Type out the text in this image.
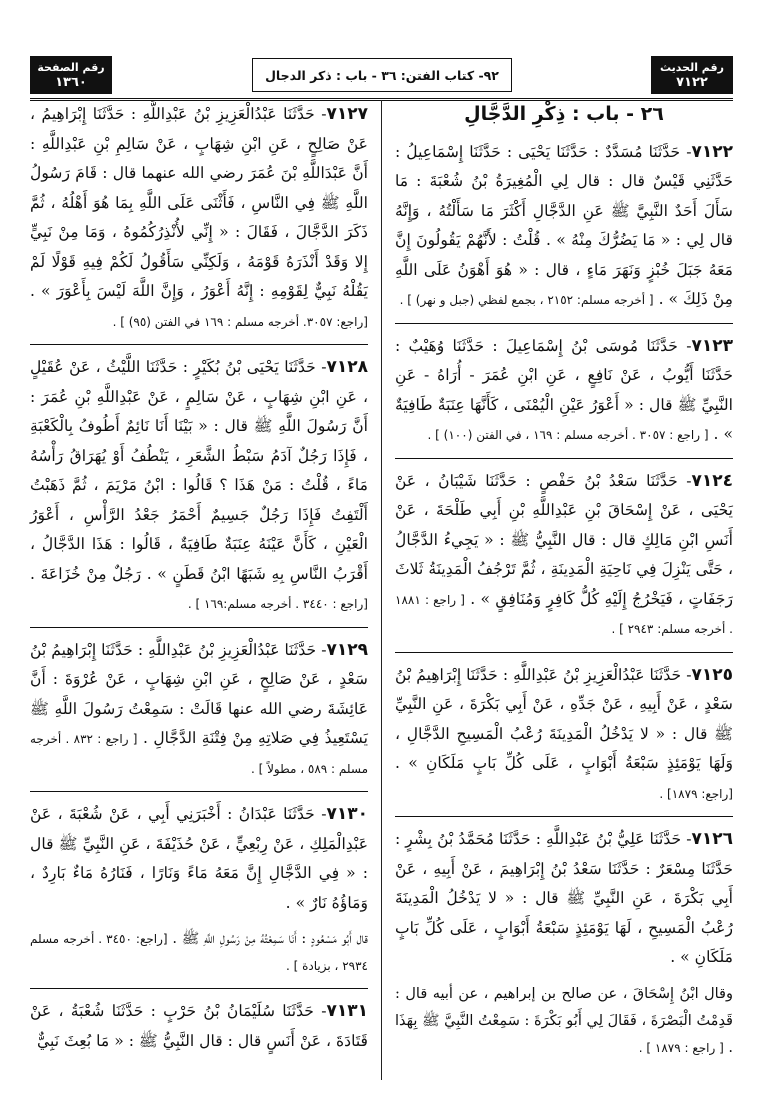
رقم الحديث
٧١٢٢
٩٢- كتاب الفتن: ٣٦ - باب : ذكر الدجال
رقم الصفحة
١٣٦٠
٢٦ - باب : ذِكْرِ الدَّجَّالِ
٧١٢٢- حَدَّثَنَا مُسَدَّدٌ : حَدَّثَنَا يَحْيَى : حَدَّثَنَا إِسْمَاعِيلُ : حَدَّثَنِي قَيْسٌ قال : قال لِي الْمُغِيرَةُ بْنُ شُعْبَةَ : مَا سَأَلَ أَحَدٌ النَّبِيَّ ﷺ عَنِ الدَّجَّالِ أَكْثَرَ مَا سَأَلْتُهُ ، وَإِنَّهُ قال لِي : « مَا يَضُرُّكَ مِنْهُ » . قُلْتُ : لأَنَّهُمْ يَقُولُونَ إِنَّ مَعَهُ جَبَلَ خُبْزٍ وَنَهَرَ مَاءٍ ، قال : « هُوَ أَهْوَنُ عَلَى اللَّهِ مِنْ ذَلِكَ » . [ أخرجه مسلم: ٢١٥٢ ، بجمع لفظي (جبل و نهر) ] .
٧١٢٣- حَدَّثَنَا مُوسَى بْنُ إِسْمَاعِيلَ : حَدَّثَنَا وُهَيْبٌ : حَدَّثَنَا أَيُّوبُ ، عَنْ نَافِعٍ ، عَنِ ابْنِ عُمَرَ - أُرَاهُ - عَنِ النَّبِيِّ ﷺ قال : « أَعْوَرُ عَيْنِ الْيُمْنَى ، كَأَنَّهَا عِنَبَةٌ طَافِيَةٌ » . [ راجع : ٣٠٥٧ . أخرجه مسلم : ١٦٩ ، في الفتن (١٠٠) ] .
٧١٢٤- حَدَّثَنَا سَعْدُ بْنُ حَفْصٍ : حَدَّثَنَا شَيْبَانُ ، عَنْ يَحْيَى ، عَنْ إِسْحَاقَ بْنِ عَبْدِاللَّهِ بْنِ أَبِي طَلْحَةَ ، عَنْ أَنَسِ ابْنِ مَالِكٍ قال : قال النَّبِيُّ ﷺ : « يَجِيءُ الدَّجَّالُ ، حَتَّى يَنْزِلَ فِي نَاحِيَةِ الْمَدِينَةِ ، ثُمَّ تَرْجُفُ الْمَدِينَةُ ثَلاثَ رَجَفَاتٍ ، فَيَخْرُجُ إِلَيْهِ كُلُّ كَافِرٍ وَمُنَافِقٍ » . [ راجع : ١٨٨١ . أخرجه مسلم: ٢٩٤٣ ] .
٧١٢٥- حَدَّثَنَا عَبْدُالْعَزِيزِ بْنُ عَبْدِاللَّهِ : حَدَّثَنَا إِبْرَاهِيمُ بْنُ سَعْدٍ ، عَنْ أَبِيهِ ، عَنْ جَدِّهِ ، عَنْ أَبِي بَكْرَةَ ، عَنِ النَّبِيِّ ﷺ قال : « لا يَدْخُلُ الْمَدِينَةَ رُعْبُ الْمَسِيحِ الدَّجَّالِ ، وَلَهَا يَوْمَئِذٍ سَبْعَةُ أَبْوَابٍ ، عَلَى كُلِّ بَابٍ مَلَكَانِ » . [راجع: ١٨٧٩] .
٧١٢٦- حَدَّثَنَا عَلِيُّ بْنُ عَبْدِاللَّهِ : حَدَّثَنَا مُحَمَّدُ بْنُ بِشْرٍ : حَدَّثَنَا مِسْعَرٌ : حَدَّثَنَا سَعْدُ بْنُ إِبْرَاهِيمَ ، عَنْ أَبِيهِ ، عَنْ أَبِي بَكْرَةَ ، عَنِ النَّبِيِّ ﷺ قال : « لا يَدْخُلُ الْمَدِينَةَ رُعْبُ الْمَسِيحِ ، لَهَا يَوْمَئِذٍ سَبْعَةُ أَبْوَابٍ ، عَلَى كُلِّ بَابٍ مَلَكَانِ » .
وقال ابْنُ إِسْحَاقَ ، عن صالح بن إبراهيم ، عن أبيه قال : قَدِمْتُ الْبَصْرَةَ ، فَقَالَ لِي أَبُو بَكْرَةَ : سَمِعْتُ النَّبِيَّ ﷺ بِهَذَا . [ راجع : ١٨٧٩ ] .
٧١٢٧- حَدَّثَنَا عَبْدُالْعَزِيزِ بْنُ عَبْدِاللَّهِ : حَدَّثَنَا إِبْرَاهِيمُ ، عَنْ صَالِحٍ ، عَنِ ابْنِ شِهَابٍ ، عَنْ سَالِمِ بْنِ عَبْدِاللَّهِ : أَنَّ عَبْدَاللَّهِ بْنَ عُمَرَ رضي الله عنهما قال : قَامَ رَسُولُ اللَّهِ ﷺ فِي النَّاسِ ، فَأَثْنَى عَلَى اللَّهِ بِمَا هُوَ أَهْلُهُ ، ثُمَّ ذَكَرَ الدَّجَّالَ ، فَقَالَ : « إِنِّي لأُنْذِرُكُمُوهُ ، وَمَا مِنْ نَبِيٍّ إِلا وَقَدْ أَنْذَرَهُ قَوْمَهُ ، وَلَكِنِّي سَأَقُولُ لَكُمْ فِيهِ قَوْلًا لَمْ يَقُلْهُ نَبِيٌّ لِقَوْمِهِ : إِنَّهُ أَعْوَرُ ، وَإِنَّ اللَّهَ لَيْسَ بِأَعْوَرَ » . [راجع: ٣٠٥٧. أخرجه مسلم : ١٦٩ في الفتن (٩٥) ] .
٧١٢٨- حَدَّثَنَا يَحْيَى بْنُ بُكَيْرٍ : حَدَّثَنَا اللَّيْثُ ، عَنْ عُقَيْلٍ ، عَنِ ابْنِ شِهَابٍ ، عَنْ سَالِمٍ ، عَنْ عَبْدِاللَّهِ بْنِ عُمَرَ : أَنَّ رَسُولَ اللَّهِ ﷺ قال : « بَيْنَا أَنَا نَائِمٌ أَطُوفُ بِالْكَعْبَةِ ، فَإِذَا رَجُلٌ آدَمُ سَبْطُ الشَّعَرِ ، يَنْطُفُ أَوْ يُهَرَاقُ رَأْسُهُ مَاءً ، قُلْتُ : مَنْ هَذَا ؟ قَالُوا : ابْنُ مَرْيَمَ ، ثُمَّ ذَهَبْتُ أَلْتَفِتُ فَإِذَا رَجُلٌ جَسِيمٌ أَحْمَرُ جَعْدُ الرَّأْسِ ، أَعْوَرُ الْعَيْنِ ، كَأَنَّ عَيْنَهُ عِنَبَةٌ طَافِيَةٌ ، قَالُوا : هَذَا الدَّجَّالُ ، أَقْرَبُ النَّاسِ بِهِ شَبَهًا ابْنُ قَطَنٍ » . رَجُلٌ مِنْ خُزَاعَةَ . [راجع : ٣٤٤٠ . أخرجه مسلم:١٦٩ ] .
٧١٢٩- حَدَّثَنَا عَبْدُالْعَزِيزِ بْنُ عَبْدِاللَّهِ : حَدَّثَنَا إِبْرَاهِيمُ بْنُ سَعْدٍ ، عَنْ صَالِحٍ ، عَنِ ابْنِ شِهَابٍ ، عَنْ عُرْوَةَ : أَنَّ عَائِشَةَ رضي الله عنها قَالَتْ : سَمِعْتُ رَسُولَ اللَّهِ ﷺ يَسْتَعِيذُ فِي صَلاتِهِ مِنْ فِتْنَةِ الدَّجَّالِ . [ راجع : ٨٣٢ . أخرجه مسلم : ٥٨٩ ، مطولاً ] .
٧١٣٠- حَدَّثَنَا عَبْدَانُ : أَخْبَرَنِي أَبِي ، عَنْ شُعْبَةَ ، عَنْ عَبْدِالْمَلِكِ ، عَنْ رِبْعِيٍّ ، عَنْ حُذَيْفَةَ ، عَنِ النَّبِيِّ ﷺ قال : « فِي الدَّجَّالِ إِنَّ مَعَهُ مَاءً وَنَارًا ، فَنَارُهُ مَاءٌ بَارِدٌ ، وَمَاؤُهُ نَارٌ » .
قال أَبُو مَسْعُودٍ : أَنَا سَمِعْتُهُ مِنْ رَسُولِ اللَّهِ ﷺ . [راجع: ٣٤٥٠ . أخرجه مسلم ٢٩٣٤ ، بزيادة ] .
٧١٣١- حَدَّثَنَا سُلَيْمَانُ بْنُ حَرْبٍ : حَدَّثَنَا شُعْبَةُ ، عَنْ قَتَادَةَ ، عَنْ أَنَسٍ قال : قال النَّبِيُّ ﷺ : « مَا بُعِثَ نَبِيٌّ
